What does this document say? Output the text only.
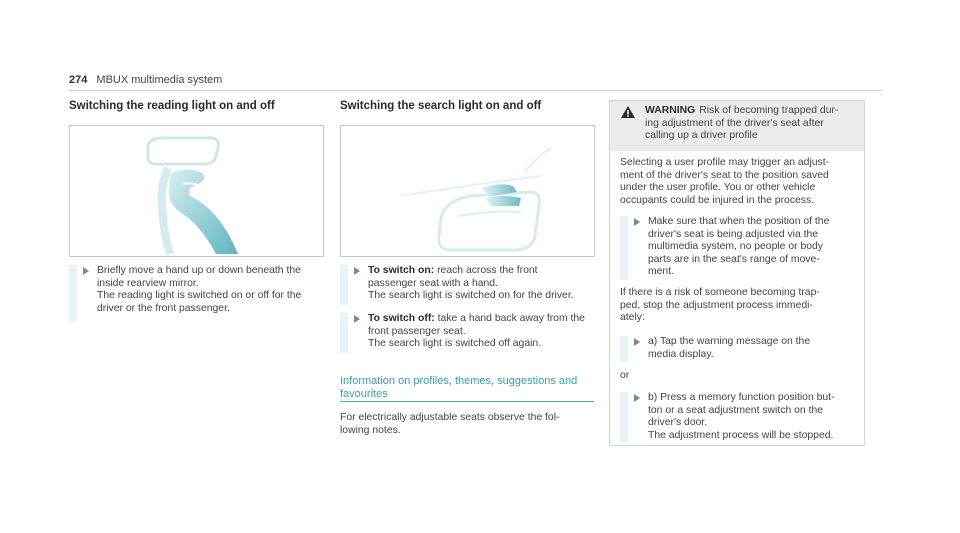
274 MBUX multimedia system
Switching the reading light on and off
Briefly move a hand up or down beneath the
inside rearview mirror.
The reading light is switched on or off for the
driver or the front passenger.
Switching the search light on and off
To switch on: reach across the front
passenger seat with a hand.
The search light is switched on for the driver.
To switch off: take a hand back away from the
front passenger seat.
The search light is switched off again.
Information on profiles, themes, suggestions and
favourites
For electrically adjustable seats observe the fol-
lowing notes.
WARNING Risk of becoming trapped dur-
ing adjustment of the driver's seat after
calling up a driver profile
Selecting a user profile may trigger an adjust-
ment of the driver's seat to the position saved
under the user profile. You or other vehicle
occupants could be injured in the process.
Make sure that when the position of the
driver's seat is being adjusted via the
multimedia system, no people or body
parts are in the seat's range of move-
ment.
If there is a risk of someone becoming trap-
ped, stop the adjustment process immedi-
ately:
a) Tap the warning message on the
media display.
or
b) Press a memory function position but-
ton or a seat adjustment switch on the
driver's door.
The adjustment process will be stopped.
